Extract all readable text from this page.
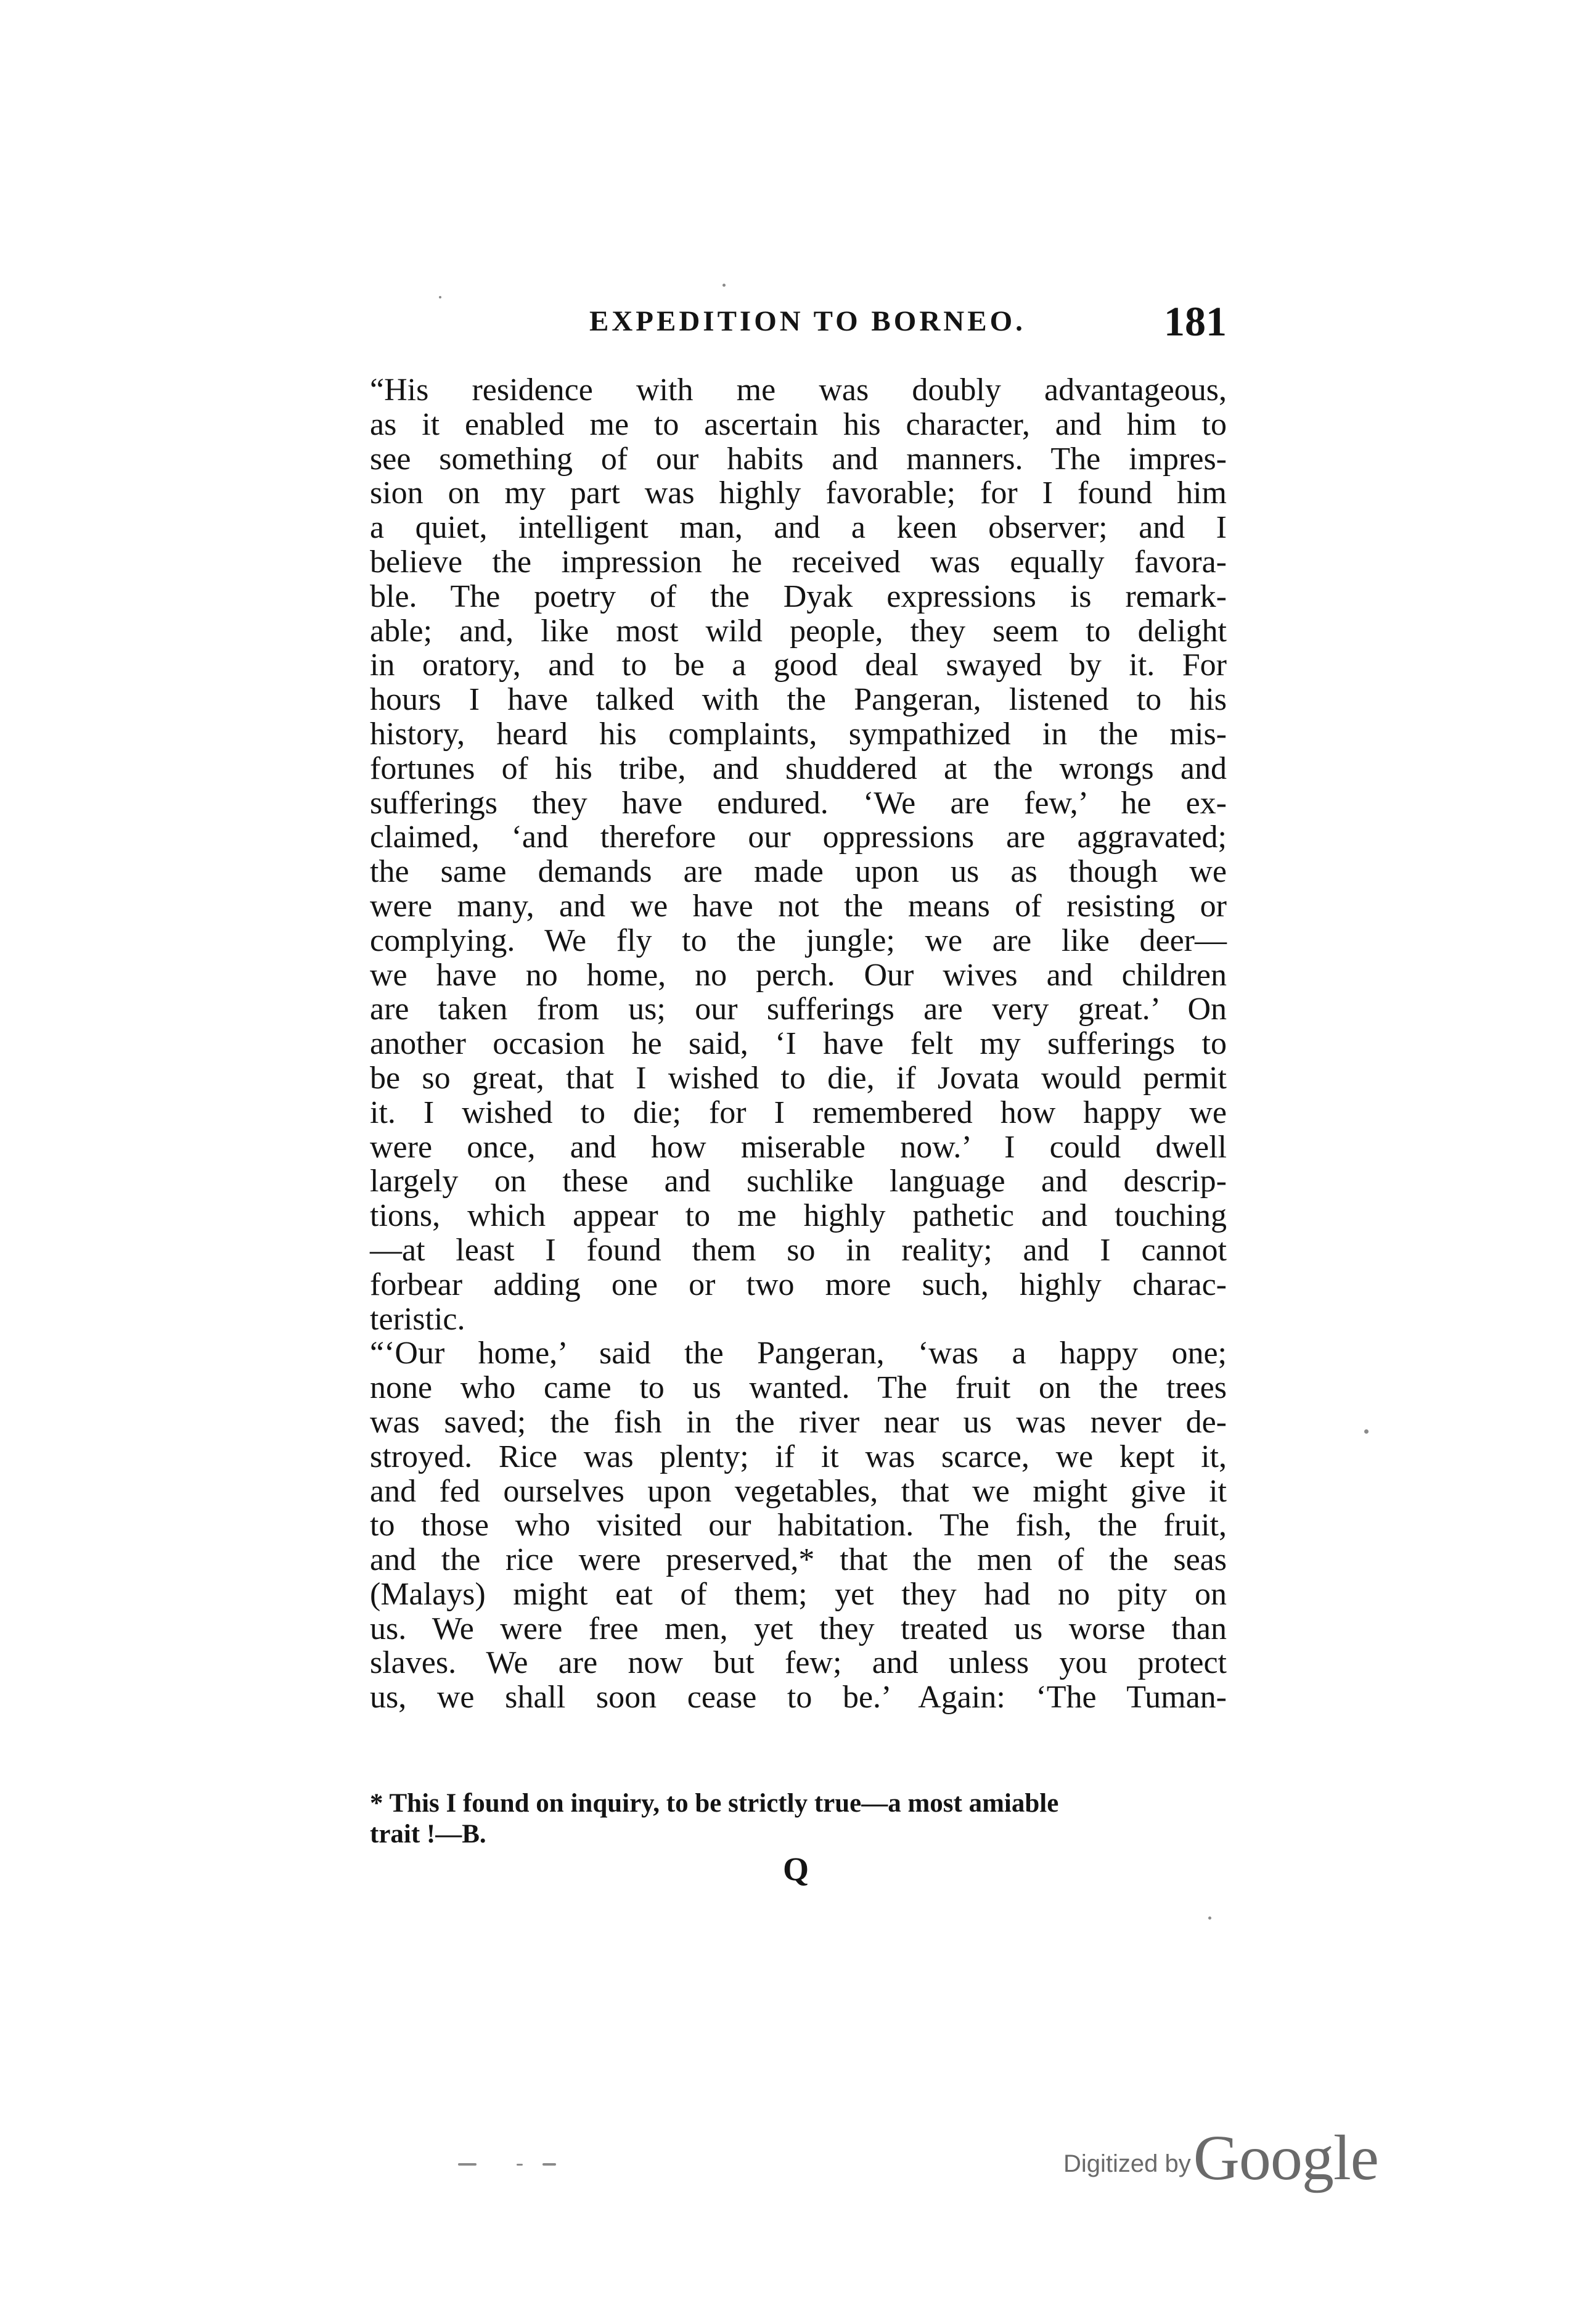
EXPEDITION TO BORNEO.	181
“His residence with me was doubly advantageous,
as it enabled me to ascertain his character, and him to
see something of our habits and manners. The impres-
sion on my part was highly favorable; for I found him
a quiet, intelligent man, and a keen observer; and I
believe the impression he received was equally favora-
ble. The poetry of the Dyak expressions is remark-
able; and, like most wild people, they seem to delight
in oratory, and to be a good deal swayed by it. For
hours I have talked with the Pangeran, listened to his
history, heard his complaints, sympathized in the mis-
fortunes of his tribe, and shuddered at the wrongs and
sufferings they have endured. ‘We are few,’ he ex-
claimed, ‘and therefore our oppressions are aggravated;
the same demands are made upon us as though we
were many, and we have not the means of resisting or
complying. We fly to the jungle; we are like deer—
we have no home, no perch. Our wives and children
are taken from us; our sufferings are very great.’ On
another occasion he said, ‘I have felt my sufferings to
be so great, that I wished to die, if Jovata would permit
it. I wished to die; for I remembered how happy we
were once, and how miserable now.’ I could dwell
largely on these and suchlike language and descrip-
tions, which appear to me highly pathetic and touching
—at least I found them so in reality; and I cannot
forbear adding one or two more such, highly charac-
teristic.
“‘Our home,’ said the Pangeran, ‘was a happy one;
none who came to us wanted. The fruit on the trees
was saved; the fish in the river near us was never de-
stroyed. Rice was plenty; if it was scarce, we kept it,
and fed ourselves upon vegetables, that we might give it
to those who visited our habitation. The fish, the fruit,
and the rice were preserved,* that the men of the seas
(Malays) might eat of them; yet they had no pity on
us. We were free men, yet they treated us worse than
slaves. We are now but few; and unless you protect
us, we shall soon cease to be.’ Again: ‘The Tuman-
* This I found on inquiry, to be strictly true—a most amiable
trait !—B.
Q
Digitized by Google
